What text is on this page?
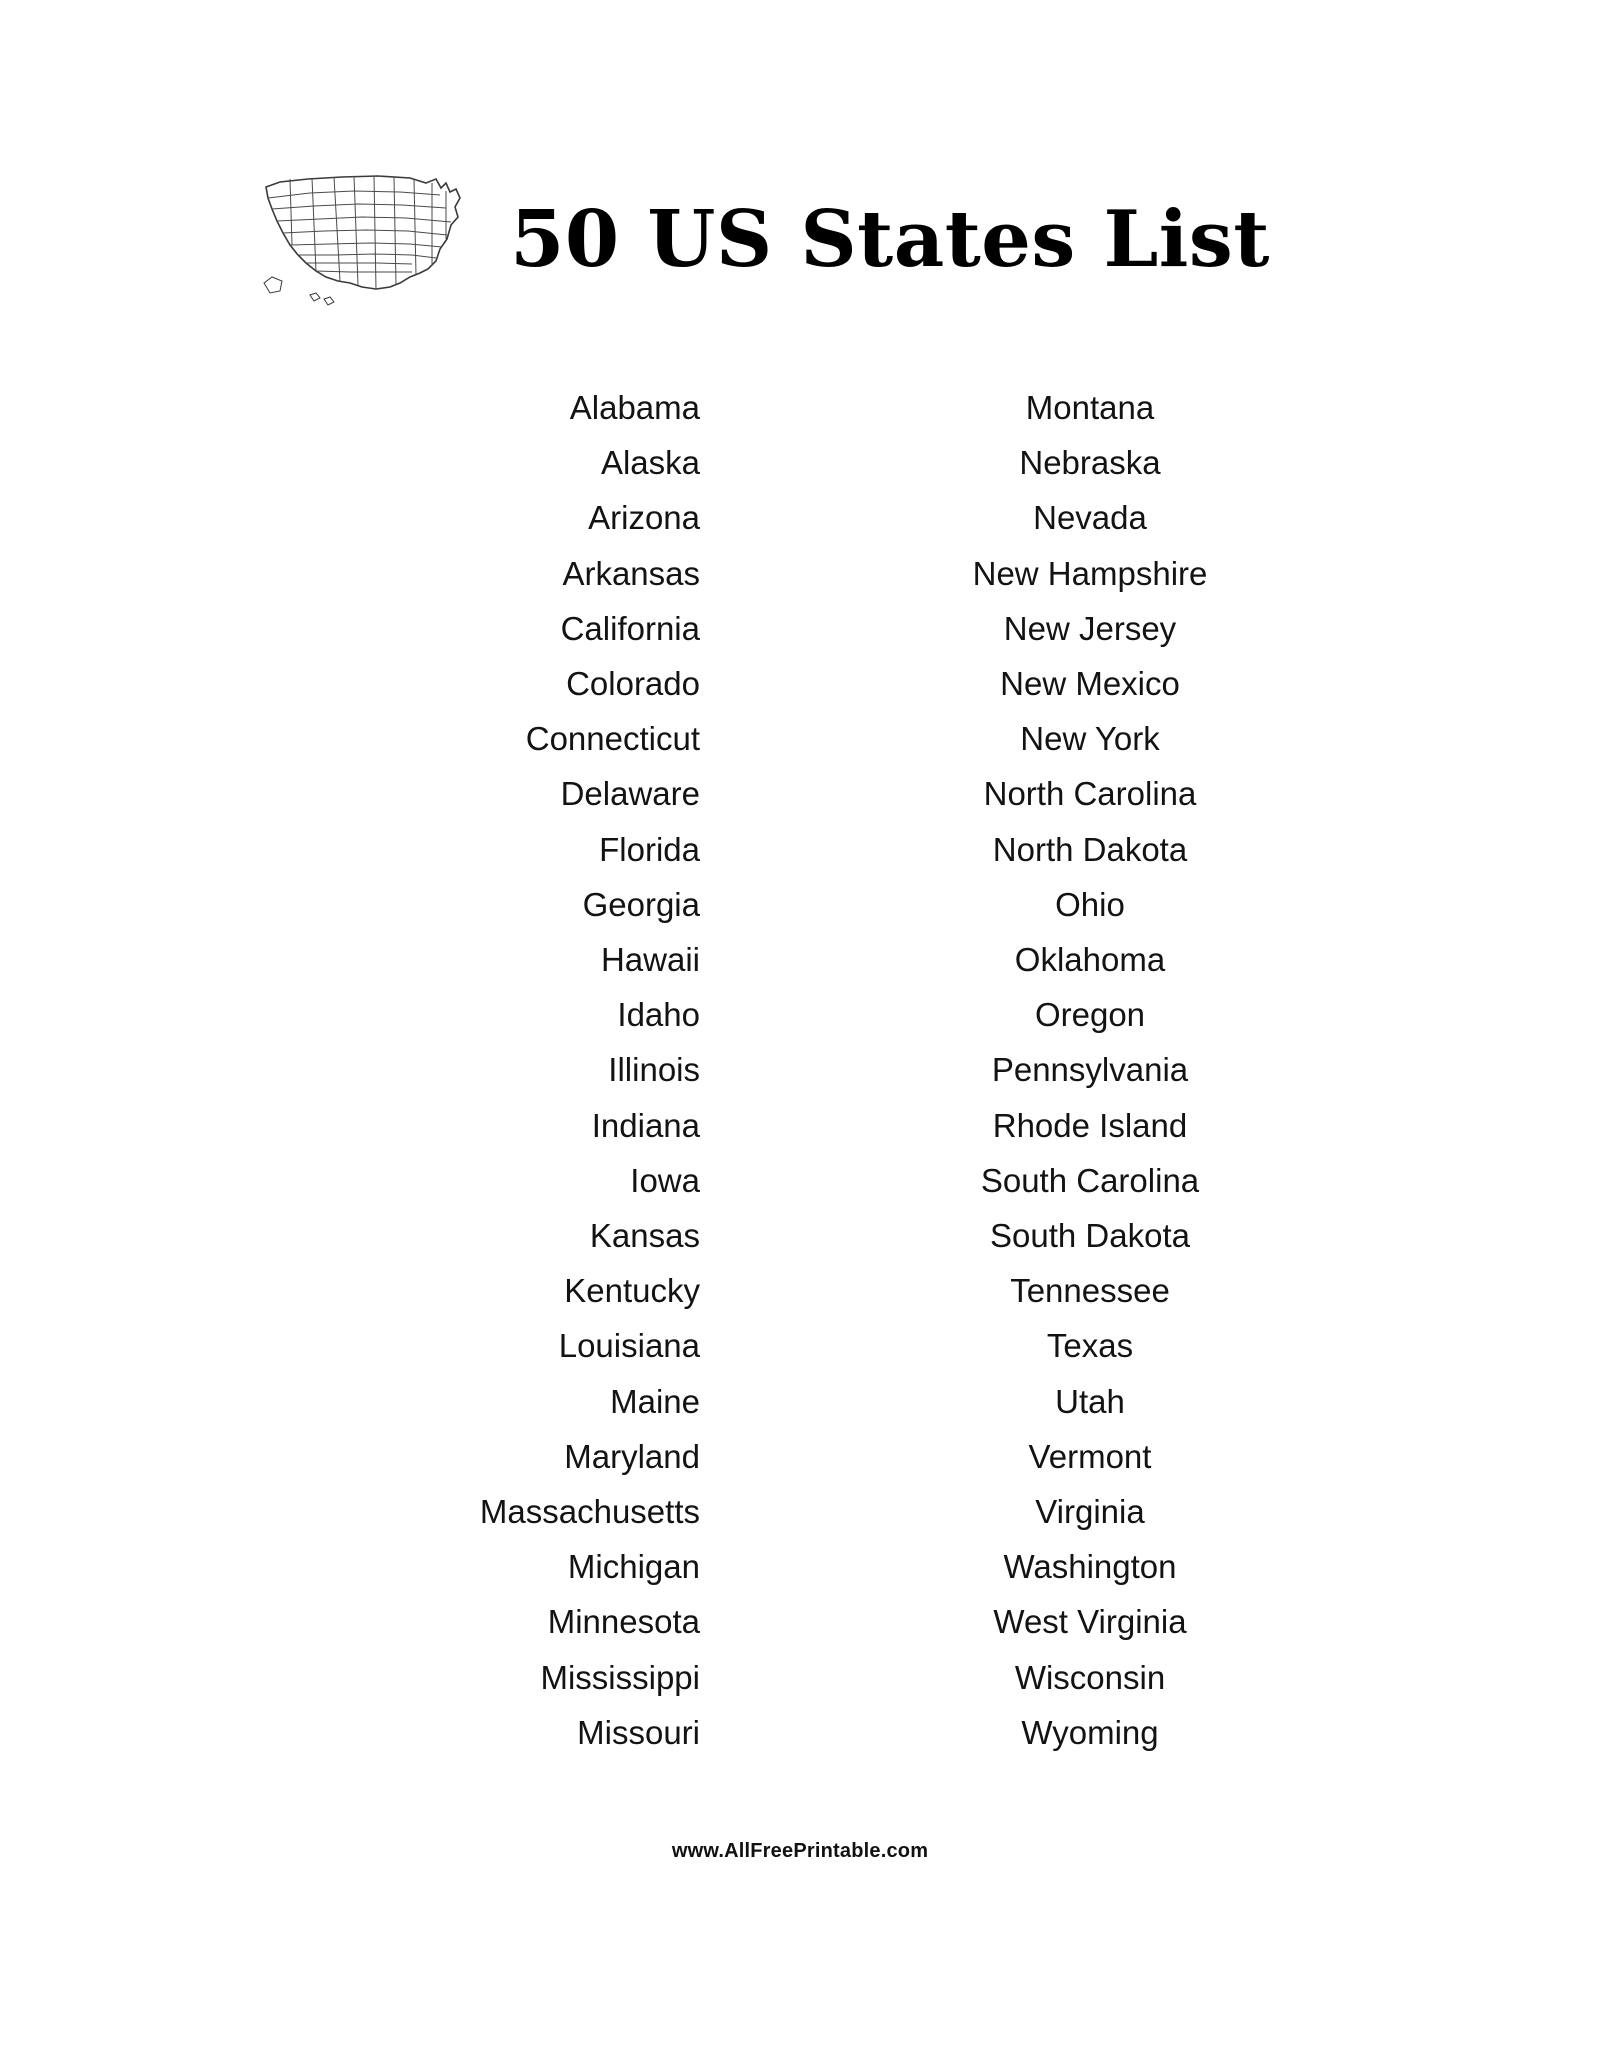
50 US States List
Alabama
Alaska
Arizona
Arkansas
California
Colorado
Connecticut
Delaware
Florida
Georgia
Hawaii
Idaho
Illinois
Indiana
Iowa
Kansas
Kentucky
Louisiana
Maine
Maryland
Massachusetts
Michigan
Minnesota
Mississippi
Missouri
Montana
Nebraska
Nevada
New Hampshire
New Jersey
New Mexico
New York
North Carolina
North Dakota
Ohio
Oklahoma
Oregon
Pennsylvania
Rhode Island
South Carolina
South Dakota
Tennessee
Texas
Utah
Vermont
Virginia
Washington
West Virginia
Wisconsin
Wyoming
www.AllFreePrintable.com
